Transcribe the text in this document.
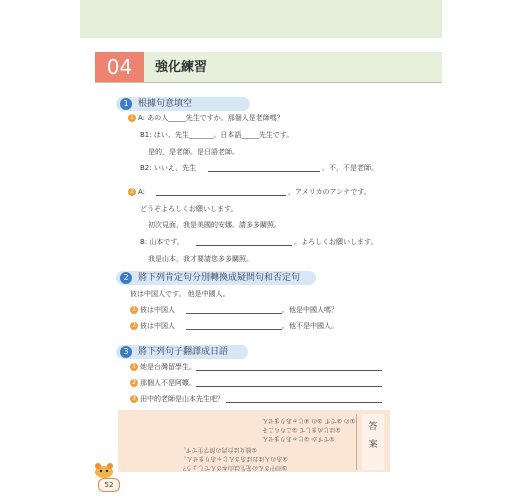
04	強化練習
1	根據句意填空
1 A: あの人_____先生ですか。那個人是老師嗎？
B1: はい、先生_______。日本語_____先生です。
是的，是老師。是日語老師。
B2: いいえ、先生	。不，不是老師。
2 A:	，アメリカのアンナです。
どうぞよろしくお願いします。
初次見面，我是美國的安娜。請多多關照。
B: 山本です。	。よろしくお願いします。
我是山本，我才要請您多多關照。
2	將下列肯定句分別轉換成疑問句和否定句
彼は中国人です。 他是中國人。
1 彼は中国人	。他是中國人嗎？
2 彼は中国人	。他不是中國人。
3	將下列句子翻譯成日語
1 她是台灣留學生。
2 那個人不是阿嬤。
3 田中的老師是山本先生吧？
答案
①の ②です ③の ④じゃありません
①はじめまして ②こちらこそ
①ですか ②じゃありません
①彼女は台湾の留学生です。
②あの人はおばあさんじゃありません。
③田中さんの先生は山本さんでしょう？
52
